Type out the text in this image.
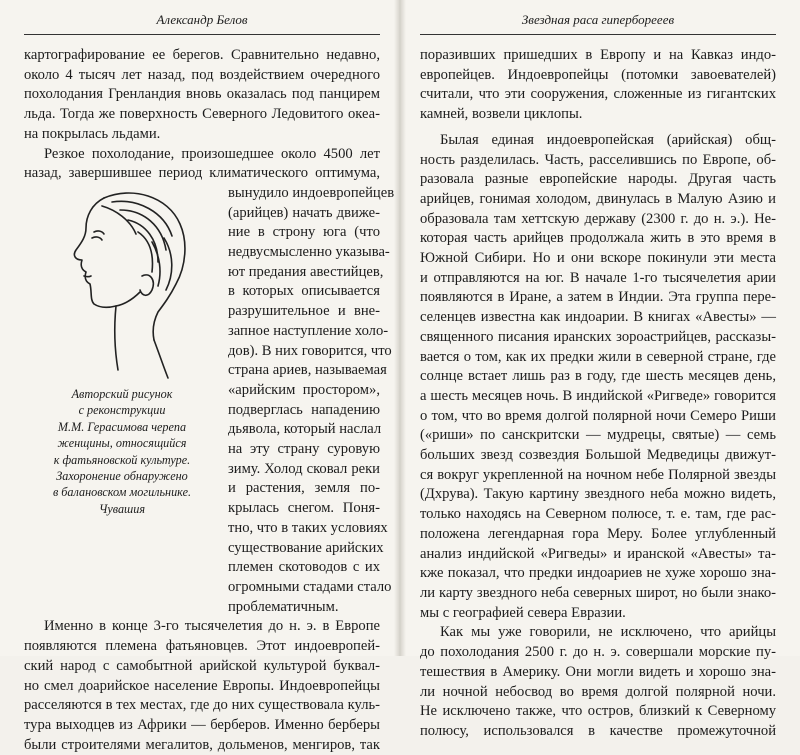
Александр Белов
картографирование ее берегов. Сравнительно недавно,
около 4 тысяч лет назад, под воздействием очередного
похолодания Гренландия вновь оказалась под панцирем
льда. Тогда же поверхность Северного Ледовитого океа-
на покрылась льдами.
Резкое похолодание, произошедшее около 4500 лет
назад, завершившее период климатического оптимума,
вынудило индоевропейцев
(арийцев) начать движе-
ние в строну юга (что
недвусмысленно указыва-
ют предания авестийцев,
в которых описывается
разрушительное и вне-
запное наступление холо-
дов). В них говорится, что
страна ариев, называемая
«арийским простором»,
подверглась нападению
дьявола, который наслал
на эту страну суровую
зиму. Холод сковал реки
и растения, земля по-
крылась снегом. Поня-
тно, что в таких условиях
существование арийских
племен скотоводов с их
огромными стадами стало
проблематичным.
Именно в конце 3-го тысячелетия до н. э. в Европе
появляются племена фатьяновцев. Этот индоевропей-
ский народ с самобытной арийской культурой буквал-
но смел доарийское население Европы. Индоевропейцы
расселяются в тех местах, где до них существовала куль-
тура выходцев из Африки — берберов. Именно берберы
были строителями мегалитов, дольменов, менгиров, так
Авторский рисунок
с реконструкции
М.М. Герасимова черепа
женщины, относящийся
к фатьяновской культуре.
Захоронение обнаружено
в балановском могильнике.
Чувашия
Звездная раса гиперборееев
поразивших пришедших в Европу и на Кавказ индо-
европейцев. Индоевропейцы (потомки завоевателей)
считали, что эти сооружения, сложенные из гигантских
камней, возвели циклопы.
Былая единая индоевропейская (арийская) общ-
ность разделилась. Часть, расселившись по Европе, об-
разовала разные европейские народы. Другая часть
арийцев, гонимая холодом, двинулась в Малую Азию и
образовала там хеттскую державу (2300 г. до н. э.). Не-
которая часть арийцев продолжала жить в это время в
Южной Сибири. Но и они вскоре покинули эти места
и отправляются на юг. В начале 1-го тысячелетия арии
появляются в Иране, а затем в Индии. Эта группа пере-
селенцев известна как индоарии. В книгах «Авесты» —
священного писания иранских зороастрийцев, рассказы-
вается о том, как их предки жили в северной стране, где
солнце встает лишь раз в году, где шесть месяцев день,
а шесть месяцев ночь. В индийской «Ригведе» говорится
о том, что во время долгой полярной ночи Семеро Риши
(«риши» по санскритски — мудрецы, святые) — семь
больших звезд созвездия Большой Медведицы движут-
ся вокруг укрепленной на ночном небе Полярной звезды
(Дхрува). Такую картину звездного неба можно видеть,
только находясь на Северном полюсе, т. е. там, где рас-
положена легендарная гора Меру. Более углубленный
анализ индийской «Ригведы» и иранской «Авесты» та-
кже показал, что предки индоариев не хуже хорошо зна-
ли карту звездного неба северных широт, но были знако-
мы с географией севера Евразии.
Как мы уже говорили, не исключено, что арийцы
до похолодания 2500 г. до н. э. совершали морские пу-
тешествия в Америку. Они могли видеть и хорошо зна-
ли ночной небосвод во время долгой полярной ночи.
Не исключено также, что остров, близкий к Северному
полюсу, использовался в качестве промежуточной
